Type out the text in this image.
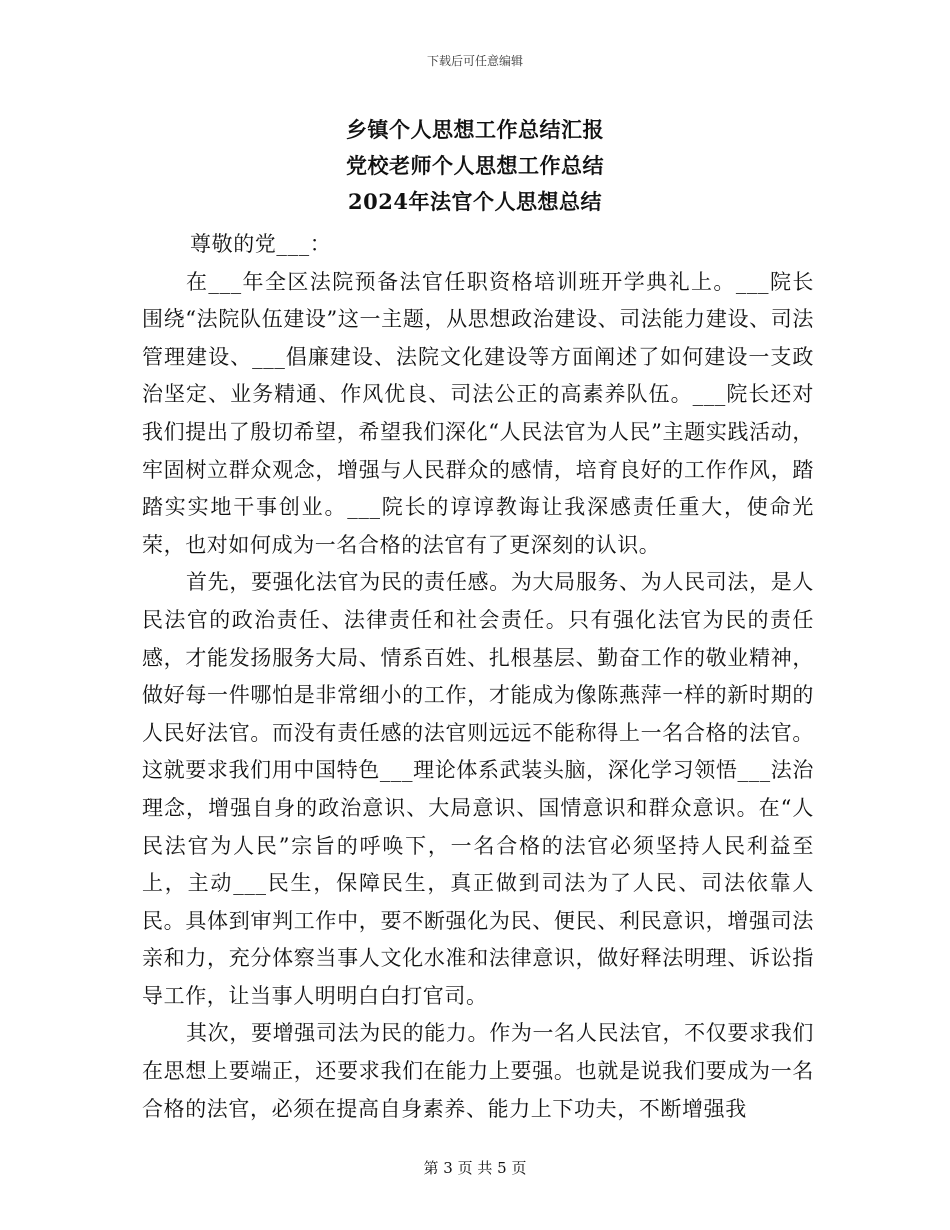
下载后可任意编辑
乡镇个人思想工作总结汇报
党校老师个人思想工作总结
2024年法官个人思想总结

尊敬的党___：

在___年全区法院预备法官任职资格培训班开学典礼上。___院长围绕“法院队伍建设”这一主题，从思想政治建设、司法能力建设、司法管理建设、___倡廉建设、法院文化建设等方面阐述了如何建设一支政治坚定、业务精通、作风优良、司法公正的高素养队伍。___院长还对我们提出了殷切希望，希望我们深化“人民法官为人民”主题实践活动，牢固树立群众观念，增强与人民群众的感情，培育良好的工作作风，踏踏实实地干事创业。___院长的谆谆教诲让我深感责任重大，使命光荣，也对如何成为一名合格的法官有了更深刻的认识。

首先，要强化法官为民的责任感。为大局服务、为人民司法，是人民法官的政治责任、法律责任和社会责任。只有强化法官为民的责任感，才能发扬服务大局、情系百姓、扎根基层、勤奋工作的敬业精神，做好每一件哪怕是非常细小的工作，才能成为像陈燕萍一样的新时期的人民好法官。而没有责任感的法官则远远不能称得上一名合格的法官。这就要求我们用中国特色___理论体系武装头脑，深化学习领悟___法治理念，增强自身的政治意识、大局意识、国情意识和群众意识。在“人民法官为人民”宗旨的呼唤下，一名合格的法官必须坚持人民利益至上，主动___民生，保障民生，真正做到司法为了人民、司法依靠人民。具体到审判工作中，要不断强化为民、便民、利民意识，增强司法亲和力，充分体察当事人文化水准和法律意识，做好释法明理、诉讼指导工作，让当事人明明白白打官司。

其次，要增强司法为民的能力。作为一名人民法官，不仅要求我们在思想上要端正，还要求我们在能力上要强。也就是说我们要成为一名合格的法官，必须在提高自身素养、能力上下功夫，不断增强我

第 3 页 共 5 页
